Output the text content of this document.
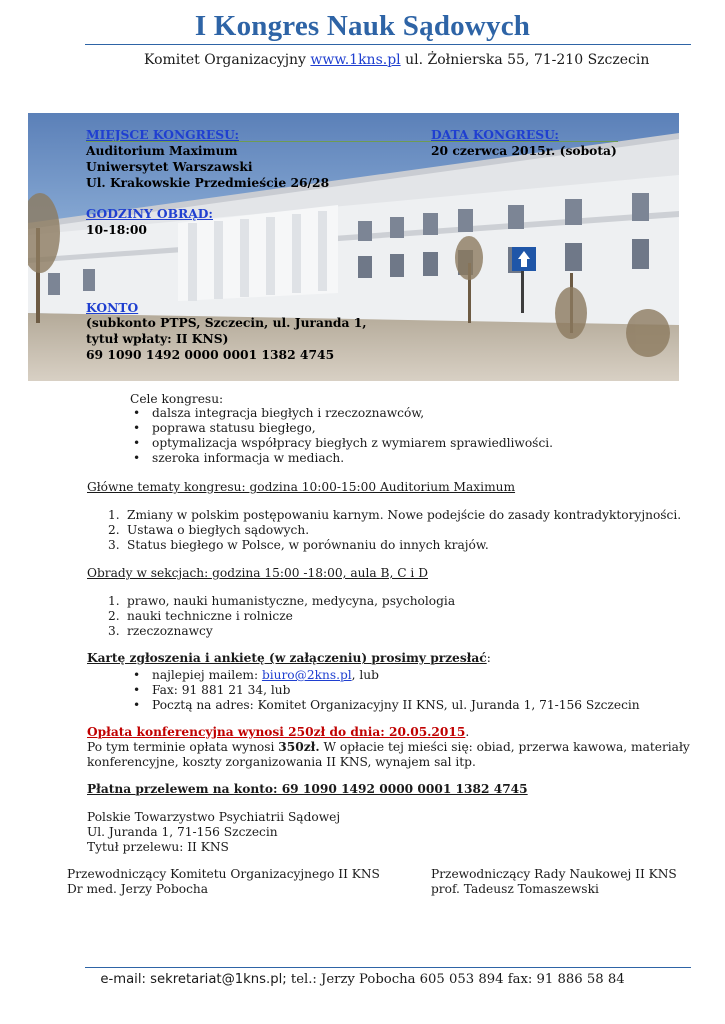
I Kongres Nauk Sądowych
Komitet Organizacyjny www.1kns.pl ul. Żołnierska 55, 71-210 Szczecin
MIEJSCE KONGRESU:	DATA KONGRESU:
Auditorium Maximum	20 czerwca 2015r. (sobota)
Uniwersytet Warszawski
Ul. Krakowskie Przedmieście 26/28
GODZINY OBRĄD:
10-18:00
KONTO
(subkonto PTPS, Szczecin, ul. Juranda 1,
tytuł wpłaty: II KNS)
69 1090 1492 0000 0001 1382 4745
Cele kongresu:
• dalsza integracja biegłych i rzeczoznawców,
• poprawa statusu biegłego,
• optymalizacja współpracy biegłych z wymiarem sprawiedliwości.
• szeroka informacja w mediach.
Główne tematy kongresu: godzina 10:00-15:00 Auditorium Maximum
1. Zmiany w polskim postępowaniu karnym. Nowe podejście do zasady kontradyktoryjności.
2. Ustawa o biegłych sądowych.
3. Status biegłego w Polsce, w porównaniu do innych krajów.
Obrady w sekcjach: godzina 15:00 -18:00, aula B, C i D
1. prawo, nauki humanistyczne, medycyna, psychologia
2. nauki techniczne i rolnicze
3. rzeczoznawcy
Kartę zgłoszenia i ankietę (w załączeniu) prosimy przesłać:
• najlepiej mailem: biuro@2kns.pl, lub
• Fax: 91 881 21 34, lub
• Pocztą na adres: Komitet Organizacyjny II KNS, ul. Juranda 1, 71-156 Szczecin
Opłata konferencyjna wynosi 250zł do dnia: 20.05.2015.
Po tym terminie opłata wynosi 350zł. W opłacie tej mieści się: obiad, przerwa kawowa, materiały
konferencyjne, koszty zorganizowania II KNS, wynajem sal itp.
Płatna przelewem na konto: 69 1090 1492 0000 0001 1382 4745
Polskie Towarzystwo Psychiatrii Sądowej
Ul. Juranda 1, 71-156 Szczecin
Tytuł przelewu: II KNS
Przewodniczący Komitetu Organizacyjnego II KNS
Dr med. Jerzy Pobocha
Przewodniczący Rady Naukowej II KNS
prof. Tadeusz Tomaszewski
e-mail: sekretariat@1kns.pl; tel.: Jerzy Pobocha 605 053 894 fax: 91 886 58 84
